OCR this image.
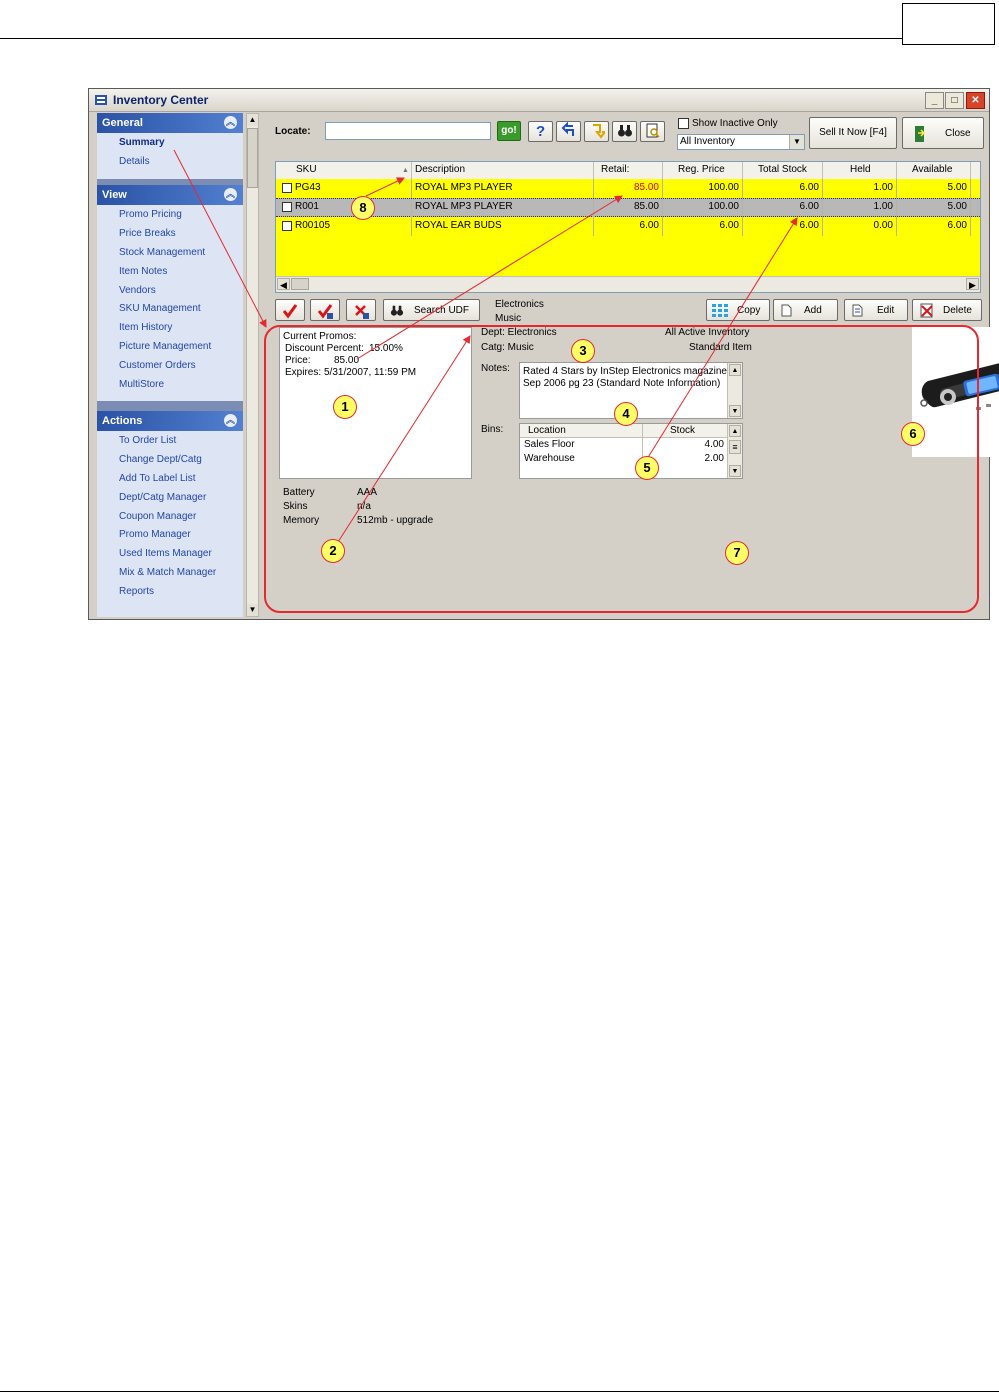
Inventory Center	_	□	✕
General	︽
Summary
Details
View	︽
Promo Pricing
Price Breaks
Stock Management
Item Notes
Vendors
SKU Management
Item History
Picture Management
Customer Orders
MultiStore
Actions	︽
To Order List
Change Dept/Catg
Add To Label List
Dept/Catg Manager
Coupon Manager
Promo Manager
Used Items Manager
Mix & Match Manager
Reports
▲
▼
Locate:	go! ?	Show Inactive Only
All Inventory	▼
Sell It Now [F4]	Close
SKU	▲ Description	Retail:	Reg. Price	Total Stock	Held	Available
PG43	ROYAL MP3 PLAYER	85.00	100.00	6.00	1.00	5.00
R001	ROYAL MP3 PLAYER	85.00	100.00	6.00	1.00	5.00
R00105	ROYAL EAR BUDS	6.00	6.00	6.00	0.00	6.00
◀	▶
Search UDF
Electronics
Music
Copy	Add	Edit	Delete
Current Promos:
Discount Percent: 15.00%
Price: 85.00
Expires: 5/31/2007, 11:59 PM
Dept: Electronics
Catg: Music
All Active Inventory
Standard Item
Notes: Rated 4 Stars by InStep Electronics magazine
Sep 2006 pg 23 (Standard Note Information)
▲
▼
Bins: Location	Stock
Sales Floor	4.00
Warehouse	2.00
▲
≡
▼
Battery	AAA
Skins	n/a
Memory	512mb - upgrade
1
2
3
4
5
6
7
8
